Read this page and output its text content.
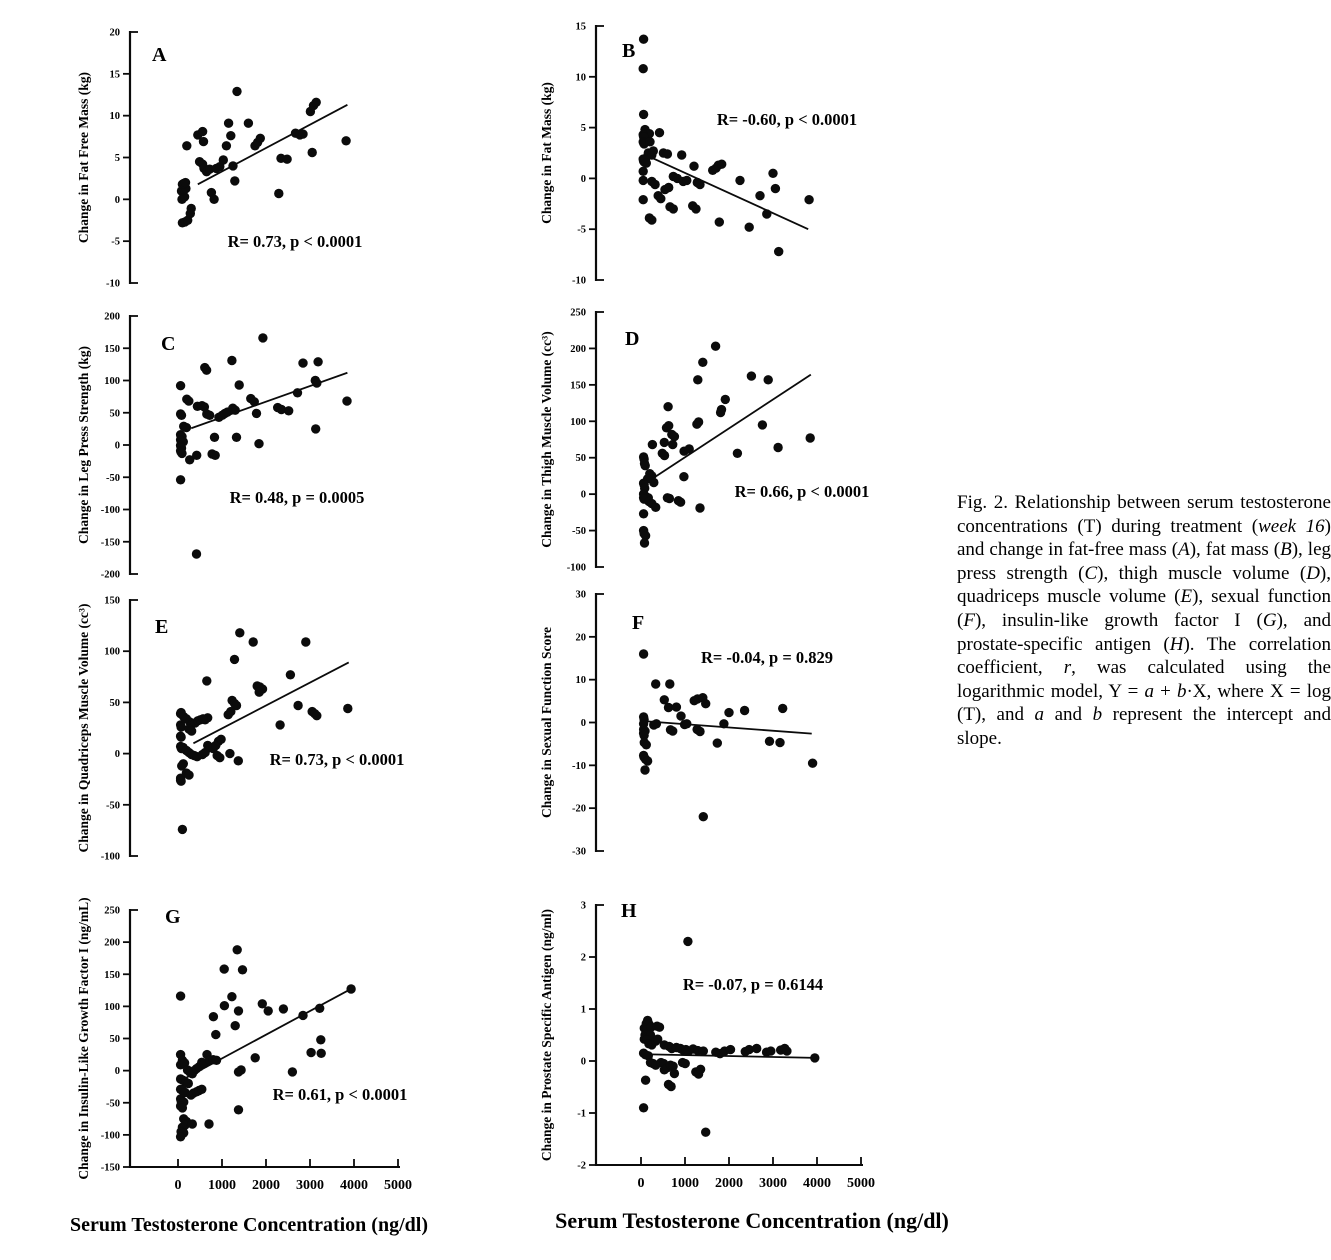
20
15
10
5
0
-5
-10
Change in Fat Free Mass (kg)
A
R= 0.73, p < 0.0001
15
10
5
0
-5
-10
Change in Fat Mass (kg)
B
R= -0.60, p < 0.0001
200
150
100
50
0
-50
-100
-150
-200
Change in Leg Press Strength (kg)
C
R= 0.48, p = 0.0005
250
200
150
100
50
0
-50
-100
Change in Thigh Muscle Volume (cc³)	D
R= 0.66, p < 0.0001
150
100
50
0
-50
-100
Change in Quadriceps Muscle Volume (cc³)	E
R= 0.73, p < 0.0001
30
20
10
0
-10
-20
-30
Change in Sexual Function Score
F
R= -0.04, p = 0.829
250
200
150
100
50
0
-50
-100
-150
Change in Insulin-Like Growth Factor I (ng/mL)	G
R= 0.61, p < 0.0001
0 1000 2000 3000 4000 5000
Serum Testosterone Concentration (ng/dl)
3
2
1
0
-1
-2
Change in Prostate Specific Antigen (ng/ml)	H
R= -0.07, p = 0.6144
0 1000 2000 3000 4000 5000
Serum Testosterone Concentration (ng/dl)
Fig. 2. Relationship between serum testosterone concentrations (T) during treatment (week 16) and change in fat-free mass (A), fat mass (B), leg press strength (C), thigh muscle volume (D), quadriceps muscle volume (E), sexual function (F), insulin-like growth factor I (G), and prostate-specific antigen (H). The correlation coefficient, r, was calculated using the logarithmic model, Y = a + b·X, where X = log (T), and a and b represent the intercept and slope.
